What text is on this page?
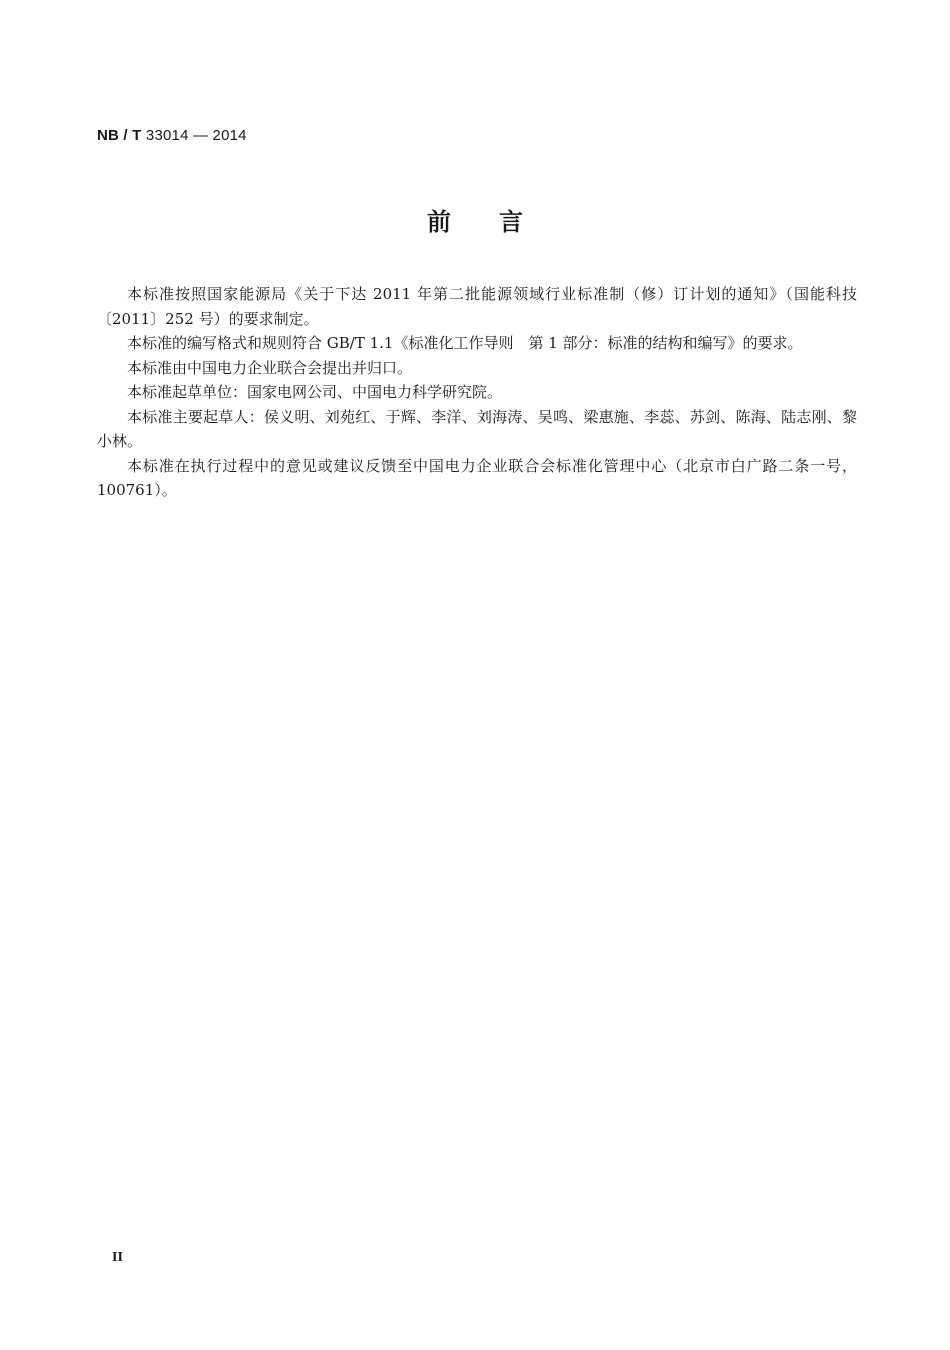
NB / T 33014 — 2014
前言

本标准按照国家能源局《关于下达 2011 年第二批能源领域行业标准制（修）订计划的通知》（国能科技〔2011〕252 号）的要求制定。

本标准的编写格式和规则符合 GB/T 1.1《标准化工作导则　第 1 部分：标准的结构和编写》的要求。

本标准由中国电力企业联合会提出并归口。

本标准起草单位：国家电网公司、中国电力科学研究院。

本标准主要起草人：侯义明、刘苑红、于辉、李洋、刘海涛、吴鸣、梁惠施、李蕊、苏剑、陈海、陆志刚、黎小林。

本标准在执行过程中的意见或建议反馈至中国电力企业联合会标准化管理中心（北京市白广路二条一号，100761）。

II
